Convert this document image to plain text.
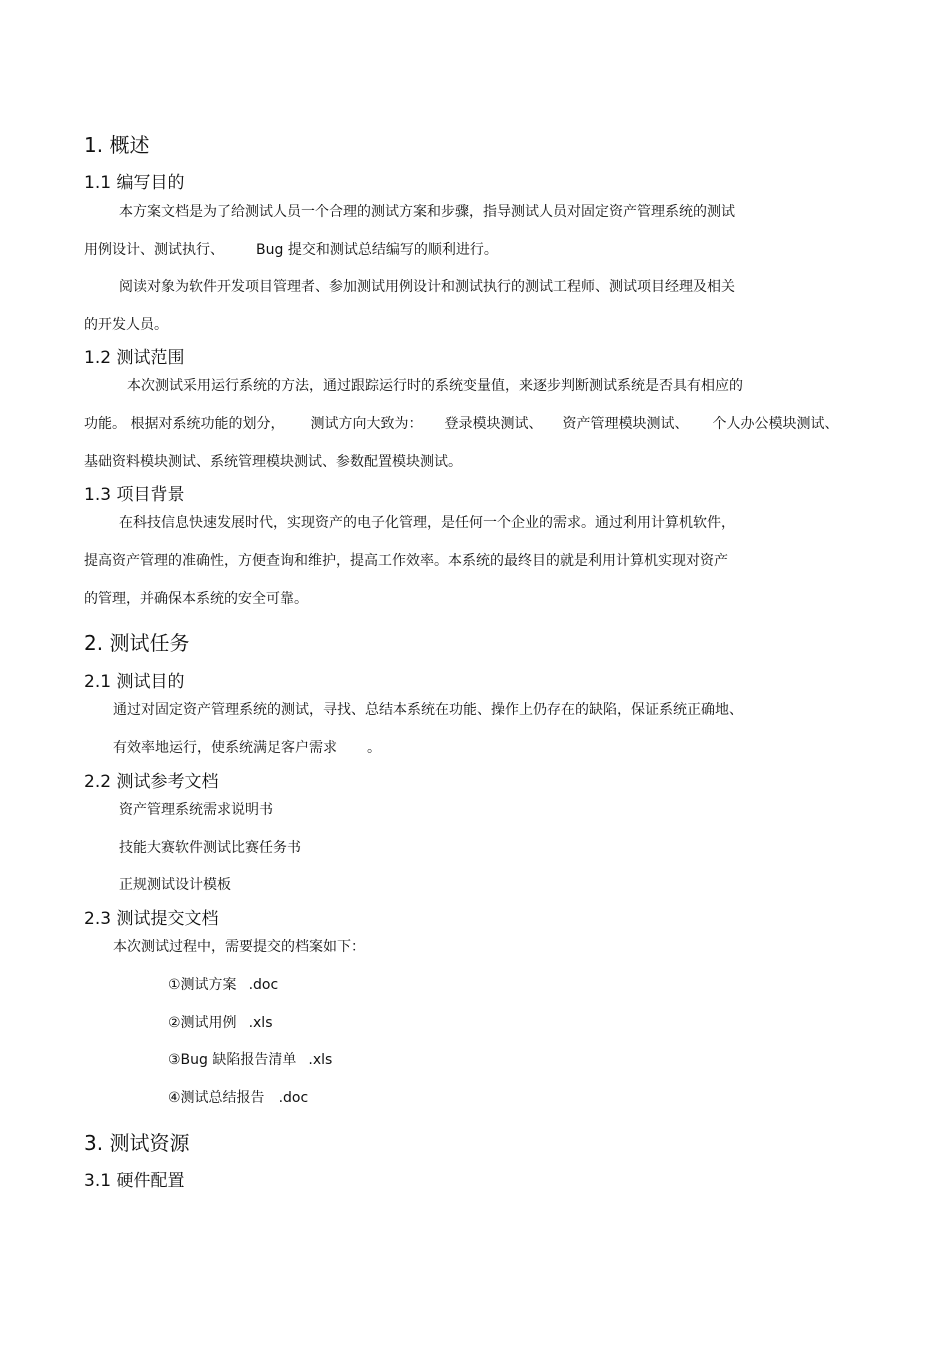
1. 概述
1.1 编写目的
本方案文档是为了给测试人员一个合理的测试方案和步骤，指导测试人员对固定资产管理系统的测试
用例设计、测试执行、 Bug 提交和测试总结编写的顺利进行。
阅读对象为软件开发项目管理者、参加测试用例设计和测试执行的测试工程师、测试项目经理及相关
的开发人员。
1.2 测试范围
本次测试采用运行系统的方法，通过跟踪运行时的系统变量值，来逐步判断测试系统是否具有相应的
功能。 根据对系统功能的划分， 测试方向大致为： 登录模块测试、 资产管理模块测试、 个人办公模块测试、
基础资料模块测试、系统管理模块测试、参数配置模块测试。
1.3 项目背景
在科技信息快速发展时代，实现资产的电子化管理，是任何一个企业的需求。通过利用计算机软件，
提高资产管理的准确性，方便查询和维护，提高工作效率。本系统的最终目的就是利用计算机实现对资产
的管理，并确保本系统的安全可靠。
2. 测试任务
2.1 测试目的
通过对固定资产管理系统的测试，寻找、总结本系统在功能、操作上仍存在的缺陷，保证系统正确地、
有效率地运行，使系统满足客户需求 。
2.2 测试参考文档
资产管理系统需求说明书
技能大赛软件测试比赛任务书
正规测试设计模板
2.3 测试提交文档
本次测试过程中，需要提交的档案如下：
①测试方案 .doc
②测试用例 .xls
③Bug 缺陷报告清单 .xls
④测试总结报告 .doc
3. 测试资源
3.1 硬件配置
